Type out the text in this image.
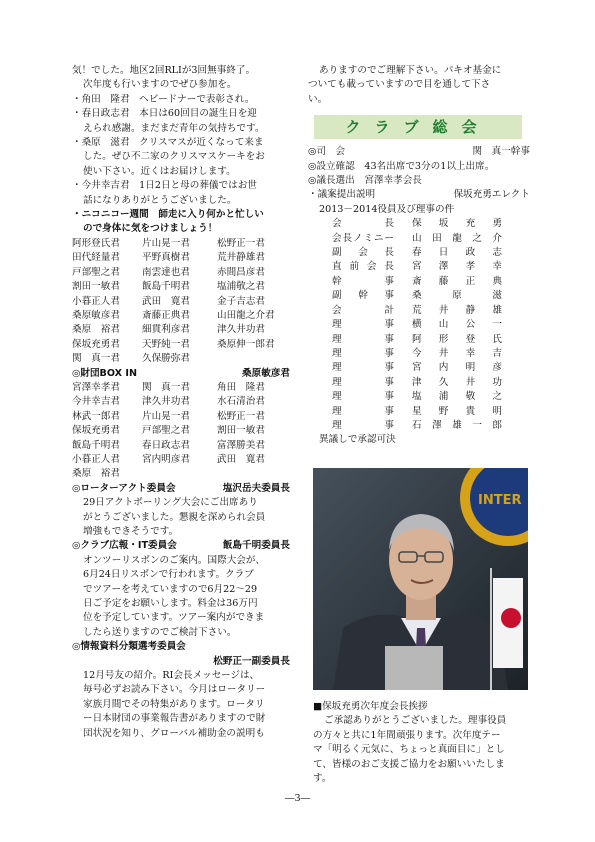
気！でした。地区2回RLIが3回無事終了。
次年度も行いますのでぜひ参加を。
・角田　隆君　ヘビードナーで表彰され。
・春日政志君　本日は60回目の誕生日を迎
えられ感謝。まだまだ青年の気持ちです。
・桑原　滋君　クリスマスが近くなって来ま
した。ぜひ不二家のクリスマスケーキをお
使い下さい。近くはお届けします。
・今井幸吉君　1日2日と母の葬儀ではお世
話になりありがとうございました。
・ニコニコー週間　師走に入り何かと忙しい
ので身体に気をつけましょう！
阿形登氏君	片山晃一君	松野正一君
田代経量君	平野真樹君	荒井静雄君
戸部聖之君	南雲達也君	赤間昌彦君
割田一敏君	飯島千明君	塩浦敬之君
小暮正人君	武田　寛君	金子吉志君
桑原敏彦君	斎藤正典君	山田龍之介君
桑原　裕君	細貫利彦君	津久井功君
保坂充勇君	天野純一君	桑原伸一郎君
関　真一君	久保勝弥君
◎財団BOX IN	桑原敏彦君
宮澤幸孝君	関　真一君	角田　隆君
今井幸吉君	津久井功君	水石清治君
林武一郎君	片山晃一君	松野正一君
保坂充勇君	戸部聖之君	割田一敏君
飯島千明君	春日政志君	富澤勝美君
小暮正人君	宮内明彦君	武田　寛君
桑原　裕君
◎ローターアクト委員会	塩沢岳夫委員長
29日アクトボーリング大会にご出席あり
がとうございました。懇親を深められ会員
増強もできそうです。
◎クラブ広報・IT委員会	飯島千明委員長
オンツーリスボンのご案内。国際大会が、
6月24日リスボンで行われます。クラブ
でツアーを考えていますので6月22～29
日ご予定をお願いします。料金は36万円
位を予定しています。ツアー案内ができま
したら送りますのでご検討下さい。
◎情報資料分類選考委員会
松野正一副委員長
12月号友の紹介。RI会長メッセージは、
毎号必ずお読み下さい。今月はロータリー
家族月間でその特集があります。ロータリ
ー日本財団の事業報告書がありますので財
団状況を知り、グローバル補助金の説明も
ありますのでご理解下さい。パキオ基金に
ついても載っていますので目を通して下さ
い。
クラブ総会
◎司　会	関　真一幹事
◎設立確認　43名出席で3分の1以上出席。
◎議長選出　宮澤幸孝会長
・議案提出説明	保坂充勇エレクト
2013－2014役員及び理事の件
会長 保坂充勇
会長ノミニー 山田龍之介
副会長 春日政志
直前会長 宮澤孝幸
幹事 斎藤正典
副幹事 桑原滋
会計 荒井静雄
理事 横山公一
理事 阿形登氏
理事 今井幸吉
理事 宮内明彦
理事 津久井功
理事 塩浦敬之
理事 星野貴明
理事 石澤雄一郎
異議しで承認可決
INTER
■保坂充勇次年度会長挨拶
ご承認ありがとうございました。理事役員
の方々と共に1年間頑張ります。次年度テー
マ「明るく元気に、ちょっと真面目に」とし
て、皆様のおご支援ご協力をお願いいたしま
す。
―3―
